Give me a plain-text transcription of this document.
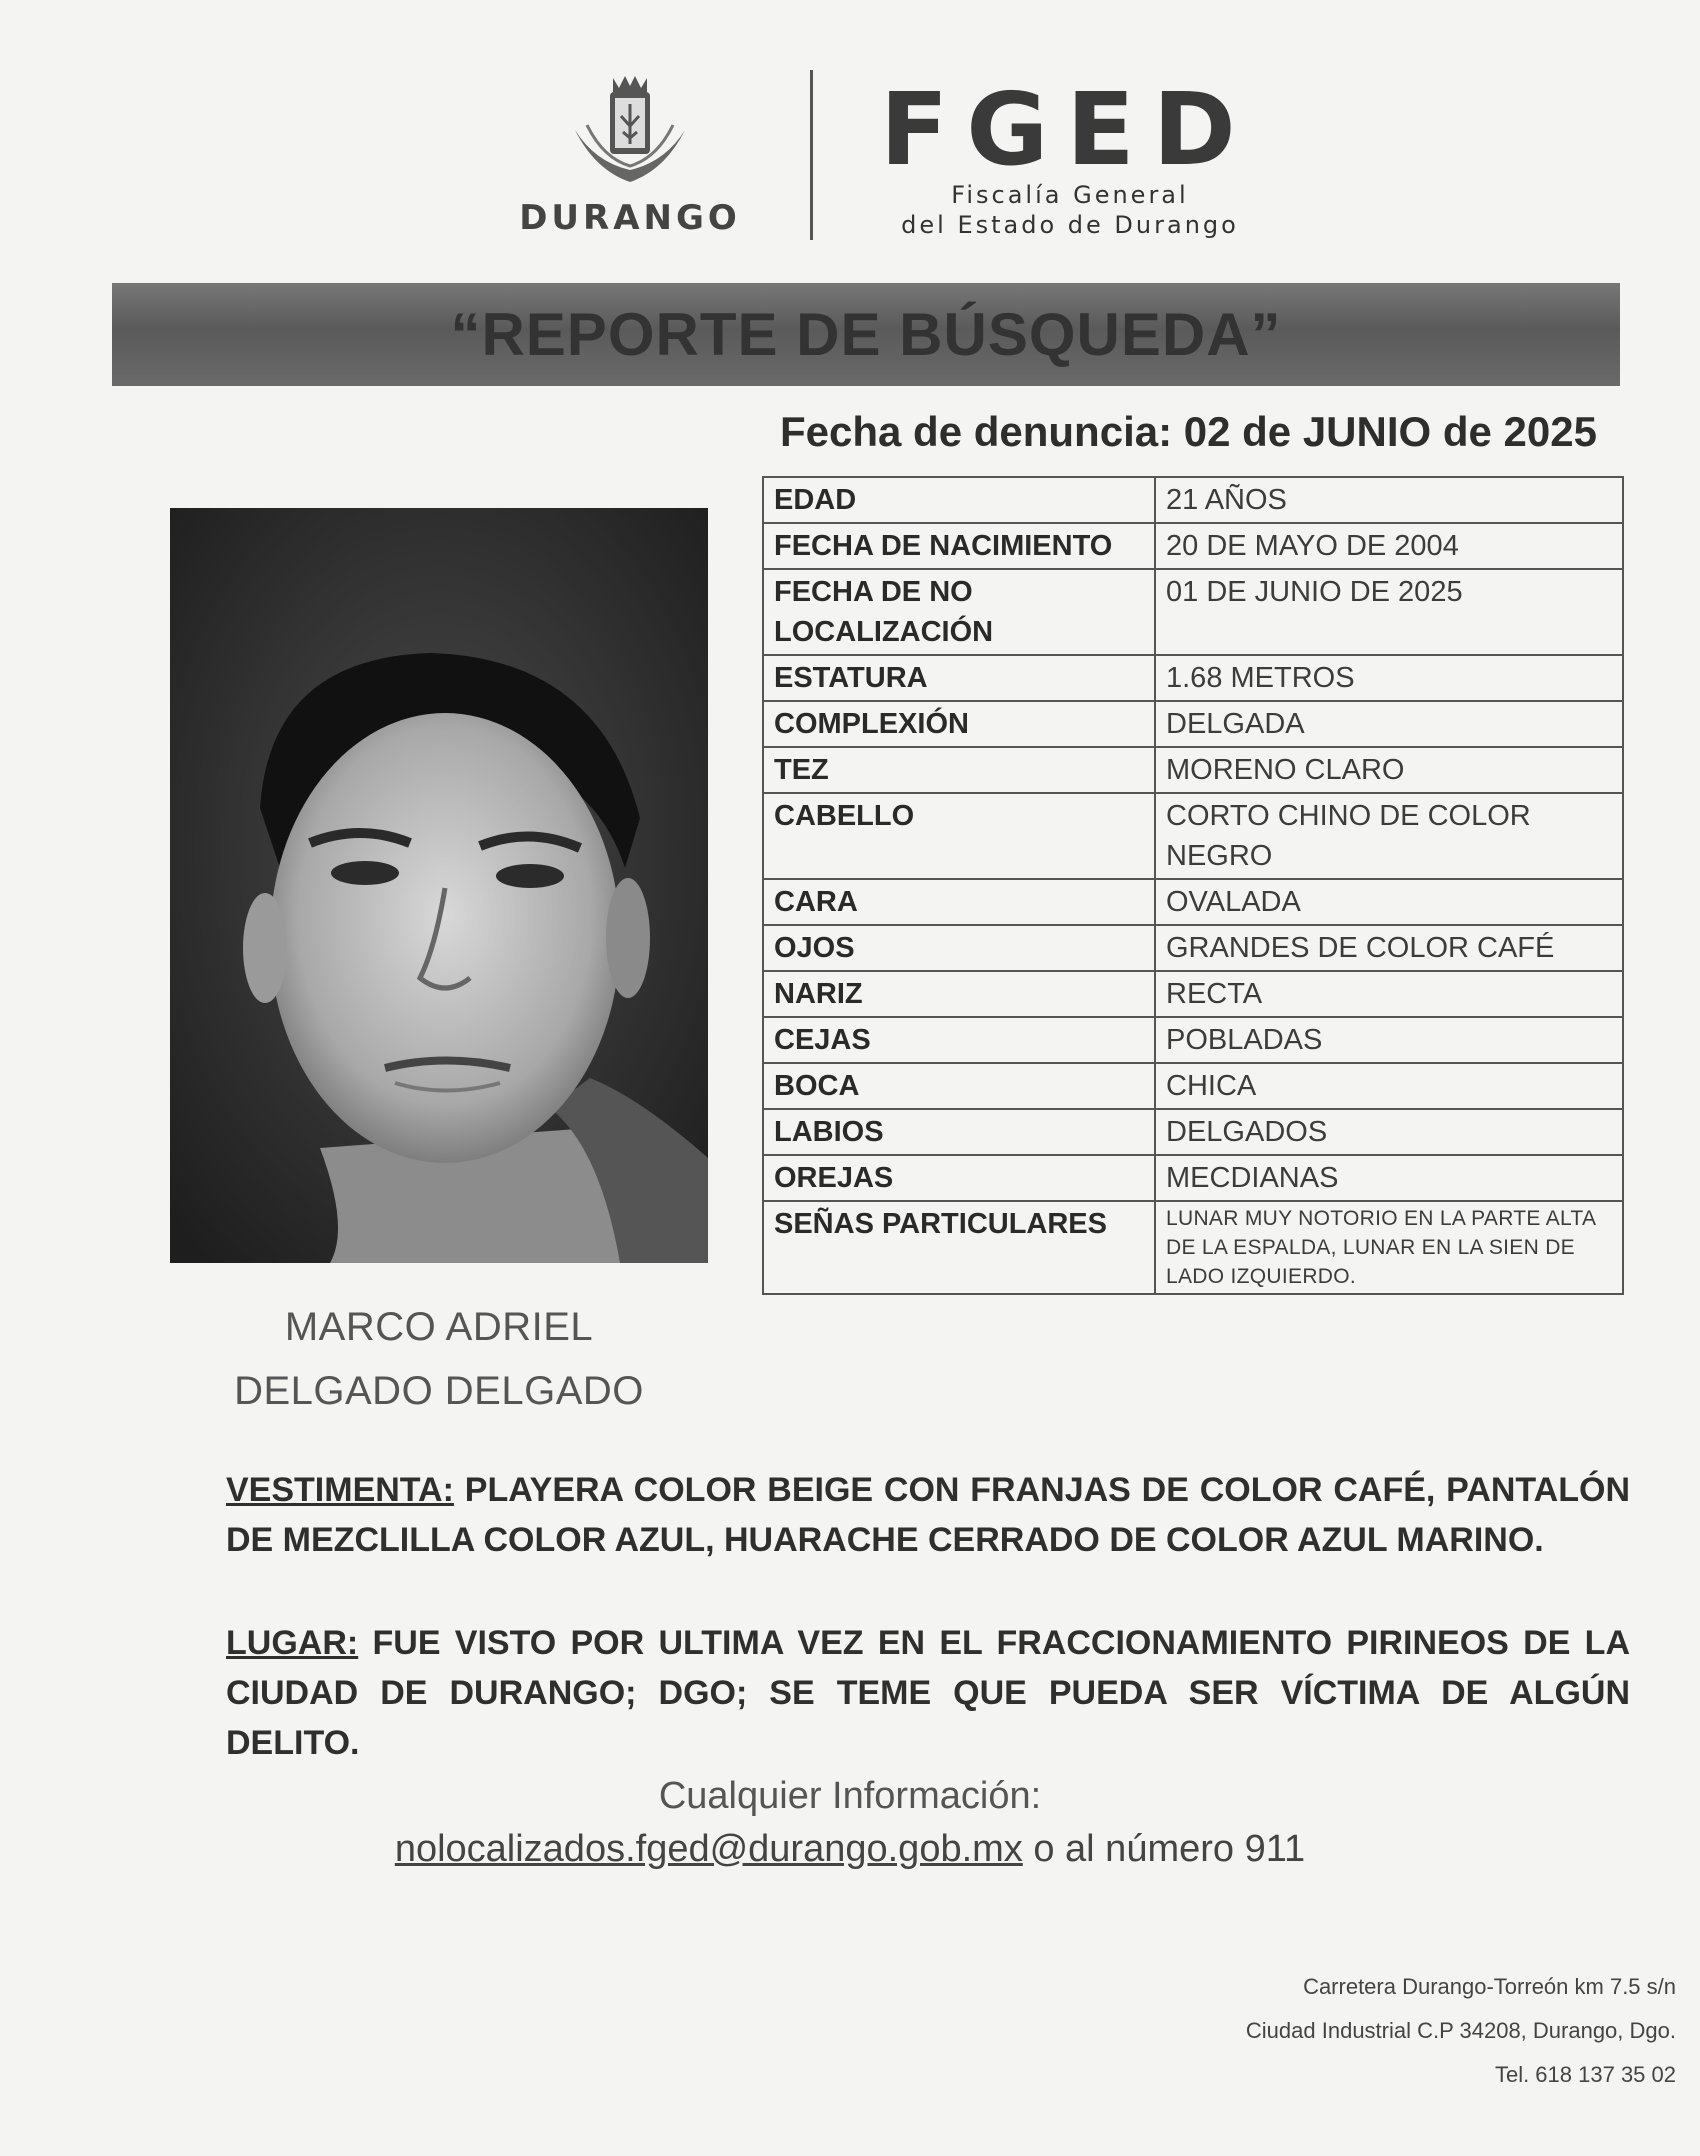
DURANGO

FGED
Fiscalía General
del Estado de Durango
“REPORTE DE BÚSQUEDA”
Fecha de denuncia: 02 de JUNIO de 2025
MARCO ADRIEL
DELGADO DELGADO
EDAD	21 AÑOS
FECHA DE NACIMIENTO	20 DE MAYO DE 2004
FECHA DE NO
LOCALIZACIÓN	01 DE JUNIO DE 2025
ESTATURA	1.68 METROS
COMPLEXIÓN	DELGADA
TEZ	MORENO CLARO
CABELLO	CORTO CHINO DE COLOR NEGRO
CARA	OVALADA
OJOS	GRANDES DE COLOR CAFÉ
NARIZ	RECTA
CEJAS	POBLADAS
BOCA	CHICA
LABIOS	DELGADOS
OREJAS	MECDIANAS
SEÑAS PARTICULARES	LUNAR MUY NOTORIO EN LA PARTE ALTA DE LA ESPALDA, LUNAR EN LA SIEN DE LADO IZQUIERDO.
VESTIMENTA: PLAYERA COLOR BEIGE CON FRANJAS DE COLOR CAFÉ, PANTALÓN DE MEZCLILLA COLOR AZUL, HUARACHE CERRADO DE COLOR AZUL MARINO.
LUGAR: FUE VISTO POR ULTIMA VEZ EN EL FRACCIONAMIENTO PIRINEOS DE LA CIUDAD DE DURANGO; DGO; SE TEME QUE PUEDA SER VÍCTIMA DE ALGÚN DELITO.
Cualquier Información:
nolocalizados.fged@durango.gob.mx o al número 911
Carretera Durango-Torreón km 7.5 s/n
Ciudad Industrial C.P 34208, Durango, Dgo.
Tel. 618 137 35 02
